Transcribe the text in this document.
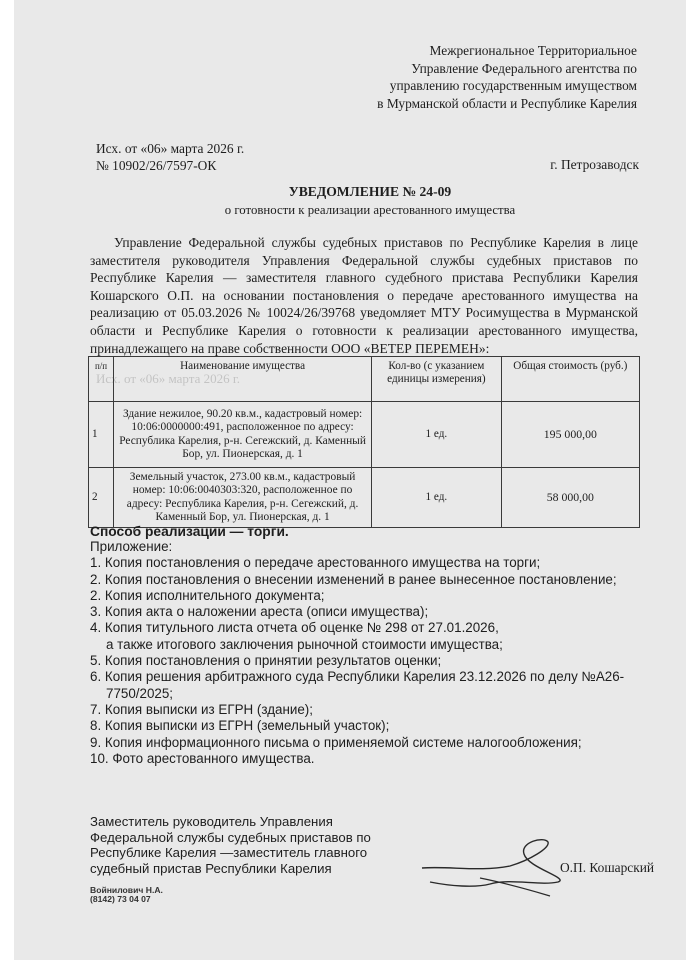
Исх. от «06» марта 2026 г.
Межрегиональное Территориальное
Управление Федерального агентства по
управлению государственным имуществом
в Мурманской области и Республике Карелия
Исх. от «06» марта 2026 г.
№ 10902/26/7597-ОК	г. Петрозаводск
УВЕДОМЛЕНИЕ № 24-09
о готовности к реализации арестованного имущества
Управление Федеральной службы судебных приставов по Республике Карелия в лице заместителя руководителя Управления Федеральной службы судебных приставов по Республике Карелия — заместителя главного судебного пристава Республики Карелия Кошарского О.П. на основании постановления о передаче арестованного имущества на реализацию от 05.03.2026 № 10024/26/39768 уведомляет МТУ Росимущества в Мурманской области и Республике Карелия о готовности к реализации арестованного имущества, принадлежащего на праве собственности ООО «ВЕТЕР ПЕРЕМЕН»:
п/п	Наименование имущества	Кол-во (с указанием единицы измерения)	Общая стоимость (руб.)
1	Здание нежилое, 90.20 кв.м., кадастровый номер: 10:06:0000000:491, расположенное по адресу: Республика Карелия, р-н. Сегежский, д. Каменный Бор, ул. Пионерская, д. 1	1 ед.	195 000,00
2	Земельный участок, 273.00 кв.м., кадастровый номер: 10:06:0040303:320, расположенное по адресу: Республика Карелия, р-н. Сегежский, д. Каменный Бор, ул. Пионерская, д. 1	1 ед.	58 000,00
Способ реализации — торги.
Приложение:
1. Копия постановления о передаче арестованного имущества на торги;
2. Копия постановления о внесении изменений в ранее вынесенное постановление;
2. Копия исполнительного документа;
3. Копия акта о наложении ареста (описи имущества);
4. Копия титульного листа отчета об оценке № 298 от 27.01.2026,
а также итогового заключения рыночной стоимости имущества;
5. Копия постановления о принятии результатов оценки;
6. Копия решения арбитражного суда Республики Карелия 23.12.2026 по делу №А26-
7750/2025;
7. Копия выписки из ЕГРН (здание);
8. Копия выписки из ЕГРН (земельный участок);
9. Копия информационного письма о применяемой системе налогообложения;
10. Фото арестованного имущества.
Заместитель руководитель Управления
Федеральной службы судебных приставов по
Республике Карелия —заместитель главного
судебный пристав Республики Карелия	О.П. Кошарский
Войнилович Н.А.
(8142) 73 04 07
